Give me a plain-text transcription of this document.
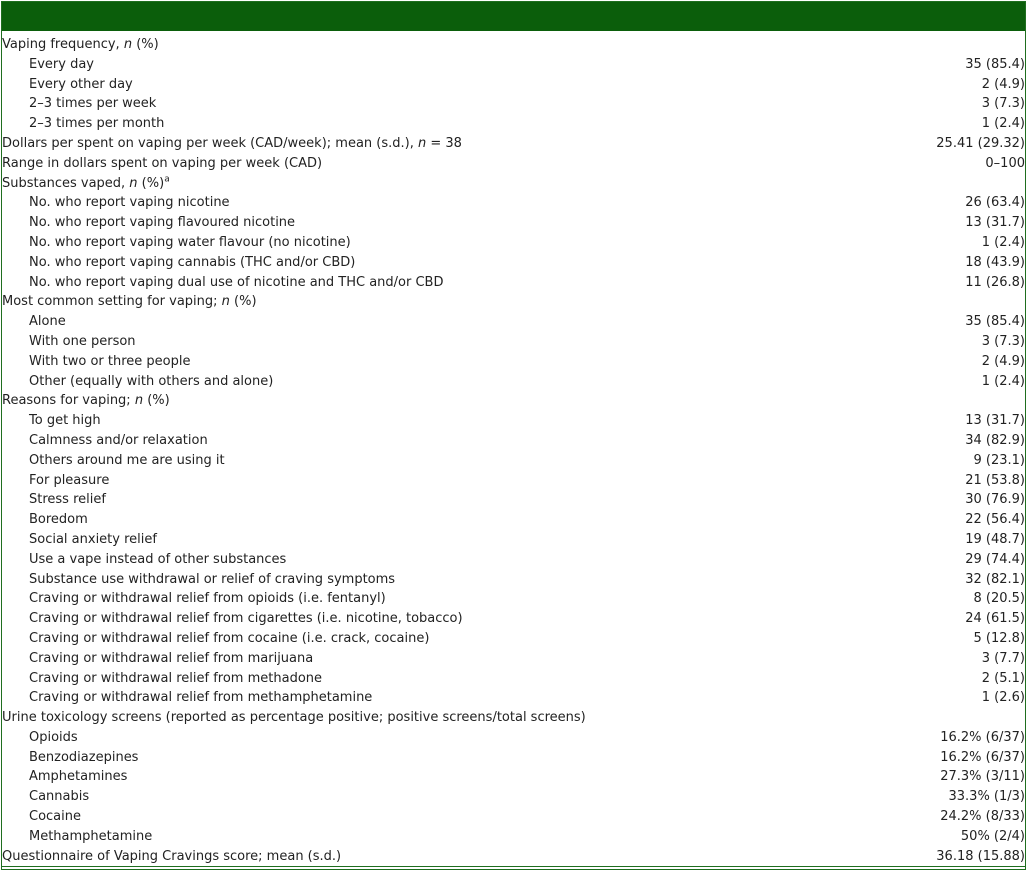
Vaping frequency, n (%)	
Every day	35 (85.4)
Every other day	2 (4.9)
2–3 times per week	3 (7.3)
2–3 times per month	1 (2.4)
Dollars per spent on vaping per week (CAD/week); mean (s.d.), n = 38	25.41 (29.32)
Range in dollars spent on vaping per week (CAD)	0–100
Substances vaped, n (%)$^a$	
No. who report vaping nicotine	26 (63.4)
No. who report vaping flavoured nicotine	13 (31.7)
No. who report vaping water flavour (no nicotine)	1 (2.4)
No. who report vaping cannabis (THC and/or CBD)	18 (43.9)
No. who report vaping dual use of nicotine and THC and/or CBD	11 (26.8)
Most common setting for vaping; n (%)	
Alone	35 (85.4)
With one person	3 (7.3)
With two or three people	2 (4.9)
Other (equally with others and alone)	1 (2.4)
Reasons for vaping; n (%)	
To get high	13 (31.7)
Calmness and/or relaxation	34 (82.9)
Others around me are using it	9 (23.1)
For pleasure	21 (53.8)
Stress relief	30 (76.9)
Boredom	22 (56.4)
Social anxiety relief	19 (48.7)
Use a vape instead of other substances	29 (74.4)
Substance use withdrawal or relief of craving symptoms	32 (82.1)
Craving or withdrawal relief from opioids (i.e. fentanyl)	8 (20.5)
Craving or withdrawal relief from cigarettes (i.e. nicotine, tobacco)	24 (61.5)
Craving or withdrawal relief from cocaine (i.e. crack, cocaine)	5 (12.8)
Craving or withdrawal relief from marijuana	3 (7.7)
Craving or withdrawal relief from methadone	2 (5.1)
Craving or withdrawal relief from methamphetamine	1 (2.6)
Urine toxicology screens (reported as percentage positive; positive screens/total screens)	
Opioids	16.2% (6/37)
Benzodiazepines	16.2% (6/37)
Amphetamines	27.3% (3/11)
Cannabis	33.3% (1/3)
Cocaine	24.2% (8/33)
Methamphetamine	50% (2/4)
Questionnaire of Vaping Cravings score; mean (s.d.)	36.18 (15.88)
